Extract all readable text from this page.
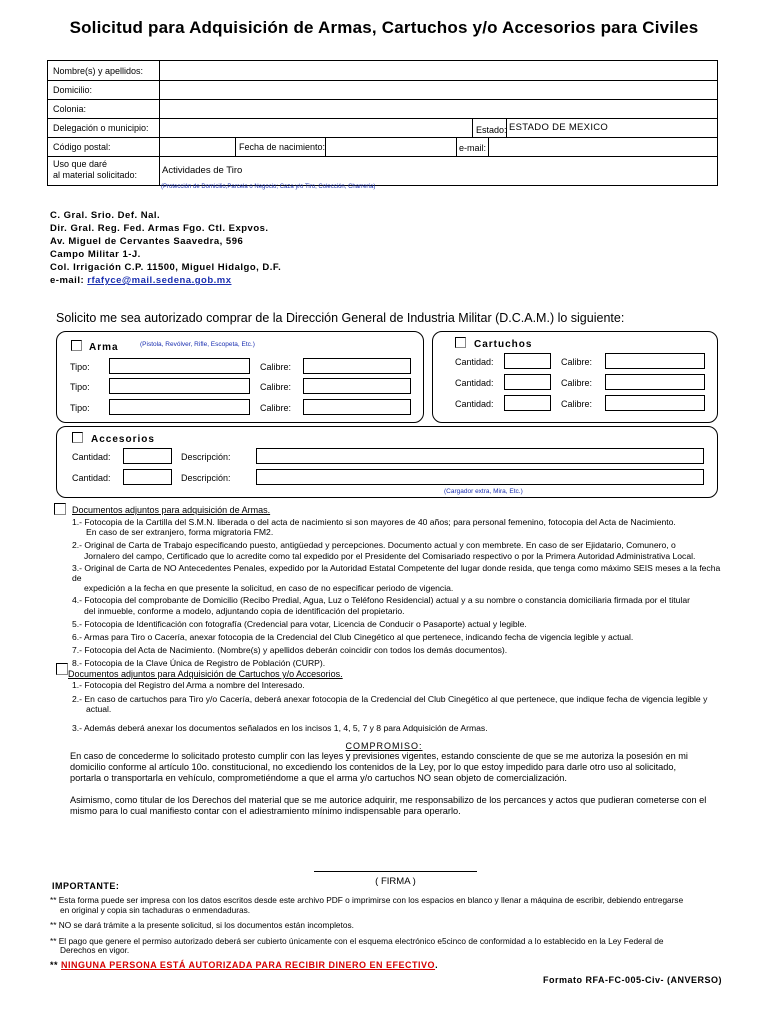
Solicitud para Adquisición de Armas, Cartuchos y/o Accesorios para Civiles
Nombre(s) y apellidos:
Domicilio:
Colonia:
Delegación o municipio:	Estado: ESTADO DE MEXICO
Código postal:	Fecha de nacimiento:	e-mail:
Uso que daré
al material solicitado:	Actividades de Tiro
(Protección de Domicilio,Parcela o Negocio; Caza y/o Tiro, Colección, Charrería)
C. Gral. Srio. Def. Nal.
Dir. Gral. Reg. Fed. Armas Fgo. Ctl. Expvos.
Av. Miguel de Cervantes Saavedra, 596
Campo Militar 1-J.
Col. Irrigación C.P. 11500, Miguel Hidalgo, D.F.
e-mail: rfafyce@mail.sedena.gob.mx
Solicito me sea autorizado comprar de la Dirección General de Industria Militar (D.C.A.M.) lo siguiente:
Arma	(Pistola, Revólver, Rifle, Escopeta, Etc.)
Tipo:	Calibre:
Tipo:	Calibre:
Tipo:	Calibre:
Cartuchos
Cantidad:	Calibre:
Cantidad:	Calibre:
Cantidad:	Calibre:
Accesorios
Cantidad:	Descripción:
Cantidad:	Descripción:
(Cargador extra, Mira, Etc.)
Documentos adjuntos para adquisición de Armas.
1.- Fotocopia de la Cartilla del S.M.N. liberada o del acta de nacimiento si son mayores de 40 años; para personal femenino, fotocopia del Acta de Nacimiento.
En caso de ser extranjero, forma migratoria FM2.
2.- Original de Carta de Trabajo especificando puesto, antigüedad y percepciones. Documento actual y con membrete. En caso de ser Ejidatario, Comunero, o
Jornalero del campo, Certificado que lo acredite como tal expedido por el Presidente del Comisariado respectivo o por la Primera Autoridad Administrativa Local.
3.- Original de Carta de NO Antecedentes Penales, expedido por la Autoridad Estatal Competente del lugar donde resida, que tenga como máximo SEIS meses a la fecha de
expedición a la fecha en que presente la solicitud, en caso de no especificar periodo de vigencia.
4.- Fotocopia del comprobante de Domicilio (Recibo Predial, Agua, Luz o Teléfono Residencial) actual y a su nombre o constancia domiciliaria firmada por el titular
del inmueble, conforme a modelo, adjuntando copia de identificación del propietario.
5.- Fotocopia de Identificación con fotografía (Credencial para votar, Licencia de Conducir o Pasaporte) actual y legible.
6.- Armas para Tiro o Cacería, anexar fotocopia de la Credencial del Club Cinegético al que pertenece, indicando fecha de vigencia legible y actual.
7.- Fotocopia del Acta de Nacimiento. (Nombre(s) y apellidos deberán coincidir con todos los demás documentos).
8.- Fotocopia de la Clave Única de Registro de Población (CURP).
Documentos adjuntos para Adquisición de Cartuchos y/o Accesorios.
1.- Fotocopia del Registro del Arma a nombre del Interesado.
2.- En caso de cartuchos para Tiro y/o Cacería, deberá anexar fotocopia de la Credencial del Club Cinegético al que pertenece, que indique fecha de vigencia legible y
actual.
3.- Además deberá anexar los documentos señalados en los incisos 1, 4, 5, 7 y 8 para Adquisición de Armas.
COMPROMISO:
En caso de concederme lo solicitado protesto cumplir con las leyes y previsiones vigentes, estando consciente de que se me autoriza la posesión en mi
domicilio conforme al artículo 10o. constitucional, no excediendo los contenidos de la Ley, por lo que estoy impedido para darle otro uso al solicitado,
portarla o transportarla en vehículo, comprometiéndome a que el arma y/o cartuchos NO sean objeto de comercialización.
Asimismo, como titular de los Derechos del material que se me autorice adquirir, me responsabilizo de los percances y actos que pudieran cometerse con el
mismo para lo cual manifiesto contar con el adiestramiento mínimo indispensable para operarlo.
( FIRMA )
IMPORTANTE:
** Esta forma puede ser impresa con los datos escritos desde este archivo PDF o imprimirse con los espacios en blanco y llenar a máquina de escribir, debiendo entregarse
en original y copia sin tachaduras o enmendaduras.
** NO se dará trámite a la presente solicitud, si los documentos están incompletos.
** El pago que genere el permiso autorizado deberá ser cubierto únicamente con el esquema electrónico e5cinco de conformidad a lo establecido en la Ley Federal de
Derechos en vigor.
** NINGUNA PERSONA ESTÁ AUTORIZADA PARA RECIBIR DINERO EN EFECTIVO.
Formato RFA-FC-005-Civ- (ANVERSO)
